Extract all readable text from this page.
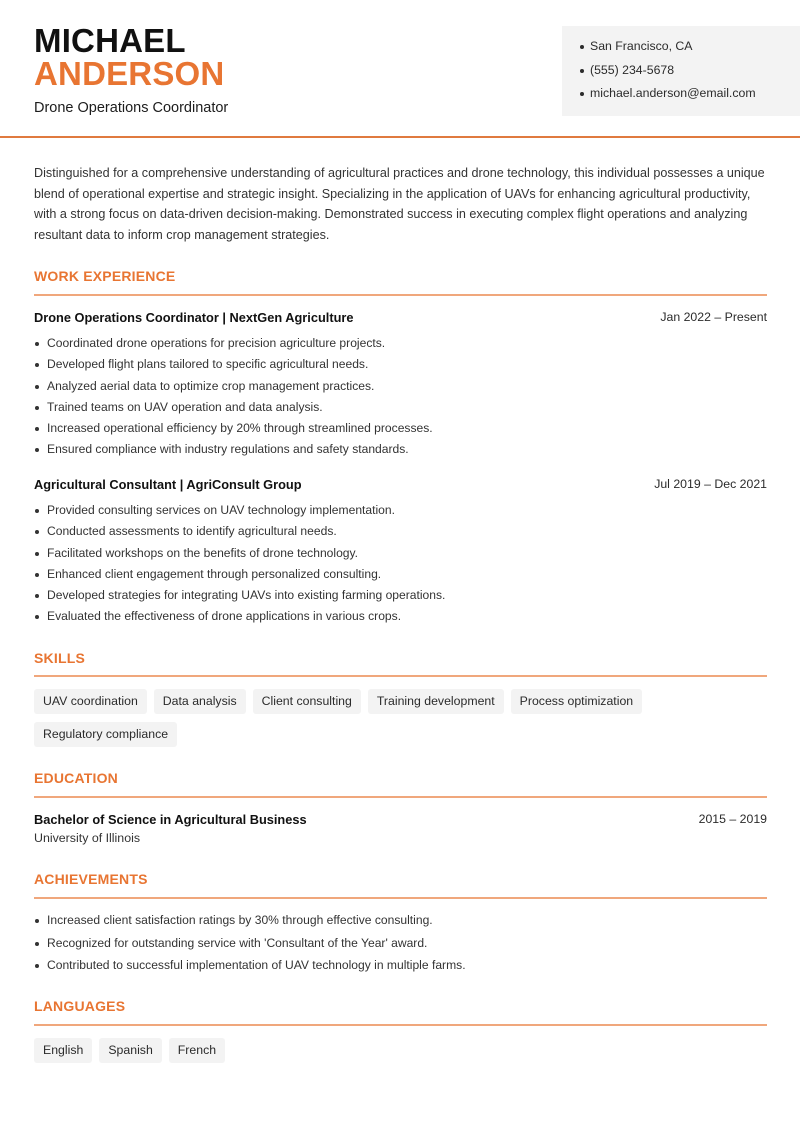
MICHAEL
ANDERSON
Drone Operations Coordinator
San Francisco, CA
(555) 234-5678
michael.anderson@email.com

Distinguished for a comprehensive understanding of agricultural practices and drone technology, this individual possesses a unique blend of operational expertise and strategic insight. Specializing in the application of UAVs for enhancing agricultural productivity, with a strong focus on data-driven decision-making. Demonstrated success in executing complex flight operations and analyzing resultant data to inform crop management strategies.

WORK EXPERIENCE
Drone Operations Coordinator | NextGen Agriculture	Jan 2022 – Present
Coordinated drone operations for precision agriculture projects.
Developed flight plans tailored to specific agricultural needs.
Analyzed aerial data to optimize crop management practices.
Trained teams on UAV operation and data analysis.
Increased operational efficiency by 20% through streamlined processes.
Ensured compliance with industry regulations and safety standards.
Agricultural Consultant | AgriConsult Group	Jul 2019 – Dec 2021
Provided consulting services on UAV technology implementation.
Conducted assessments to identify agricultural needs.
Facilitated workshops on the benefits of drone technology.
Enhanced client engagement through personalized consulting.
Developed strategies for integrating UAVs into existing farming operations.
Evaluated the effectiveness of drone applications in various crops.
SKILLS
UAV coordination	Data analysis	Client consulting	Training development	Process optimization
Regulatory compliance
EDUCATION
Bachelor of Science in Agricultural Business	2015 – 2019
University of Illinois
ACHIEVEMENTS
Increased client satisfaction ratings by 30% through effective consulting.
Recognized for outstanding service with 'Consultant of the Year' award.
Contributed to successful implementation of UAV technology in multiple farms.
LANGUAGES
English	Spanish	French
